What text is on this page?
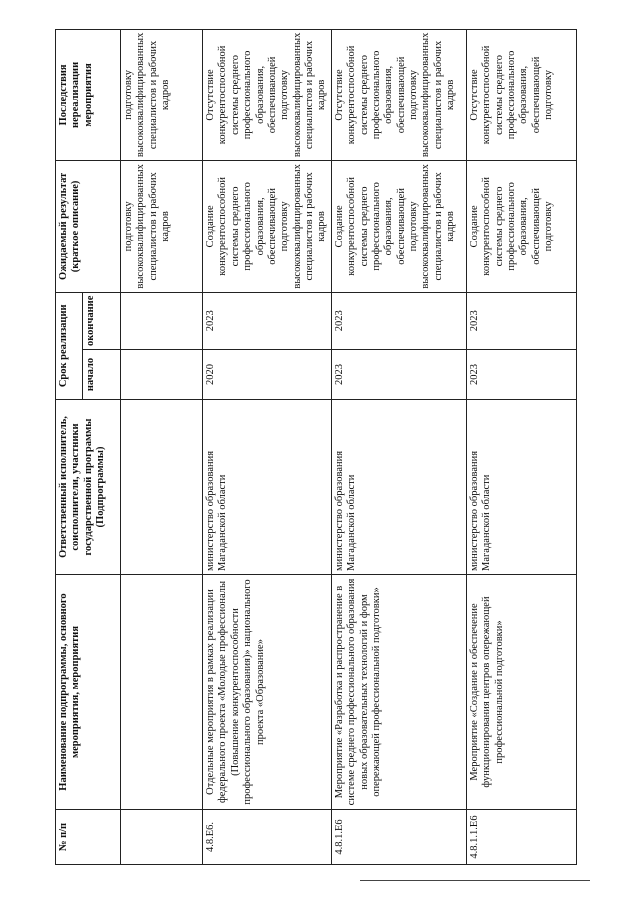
№ п/п	Наименование подпрограммы, основного мероприятия, мероприятия	Ответственный исполнитель, соисполнители, участники государственной программы (Подпрограммы)	Срок реализации		Ожидаемый результат (краткое описание)	Последствия нереализации мероприятия
			начало	окончание		
					подготовку высококвалифицированных специалистов и рабочих кадров	подготовку высококвалифицированных специалистов и рабочих кадров
4.8.Е6.	Отдельные мероприятия в рамках реализации федерального проекта «Молодые профессионалы (Повышение конкурентоспособности профессионального образования)» национального проекта «Образование»	министерство образования Магаданской области	2020	2023	Создание конкурентоспособной системы среднего профессионального образования, обеспечивающей подготовку высококвалифицированных специалистов и рабочих кадров	Отсутствие конкурентоспособной системы среднего профессионального образования, обеспечивающей подготовку высококвалифицированных специалистов и рабочих кадров
4.8.1.Е6	Мероприятие «Разработка и распространение в системе среднего профессионального образования новых образовательных технологий и форм опережающей профессиональной подготовки»	министерство образования Магаданской области	2023	2023	Создание конкурентоспособной системы среднего профессионального образования, обеспечивающей подготовку высококвалифицированных специалистов и рабочих кадров	Отсутствие конкурентоспособной системы среднего профессионального образования, обеспечивающей подготовку высококвалифицированных специалистов и рабочих кадров
4.8.1.1.Е6	Мероприятие «Создание и обеспечение функционирования центров опережающей профессиональной подготовки»	министерство образования Магаданской области	2023	2023	Создание конкурентоспособной системы среднего профессионального образования, обеспечивающей подготовку	Отсутствие конкурентоспособной системы среднего профессионального образования, обеспечивающей подготовку
